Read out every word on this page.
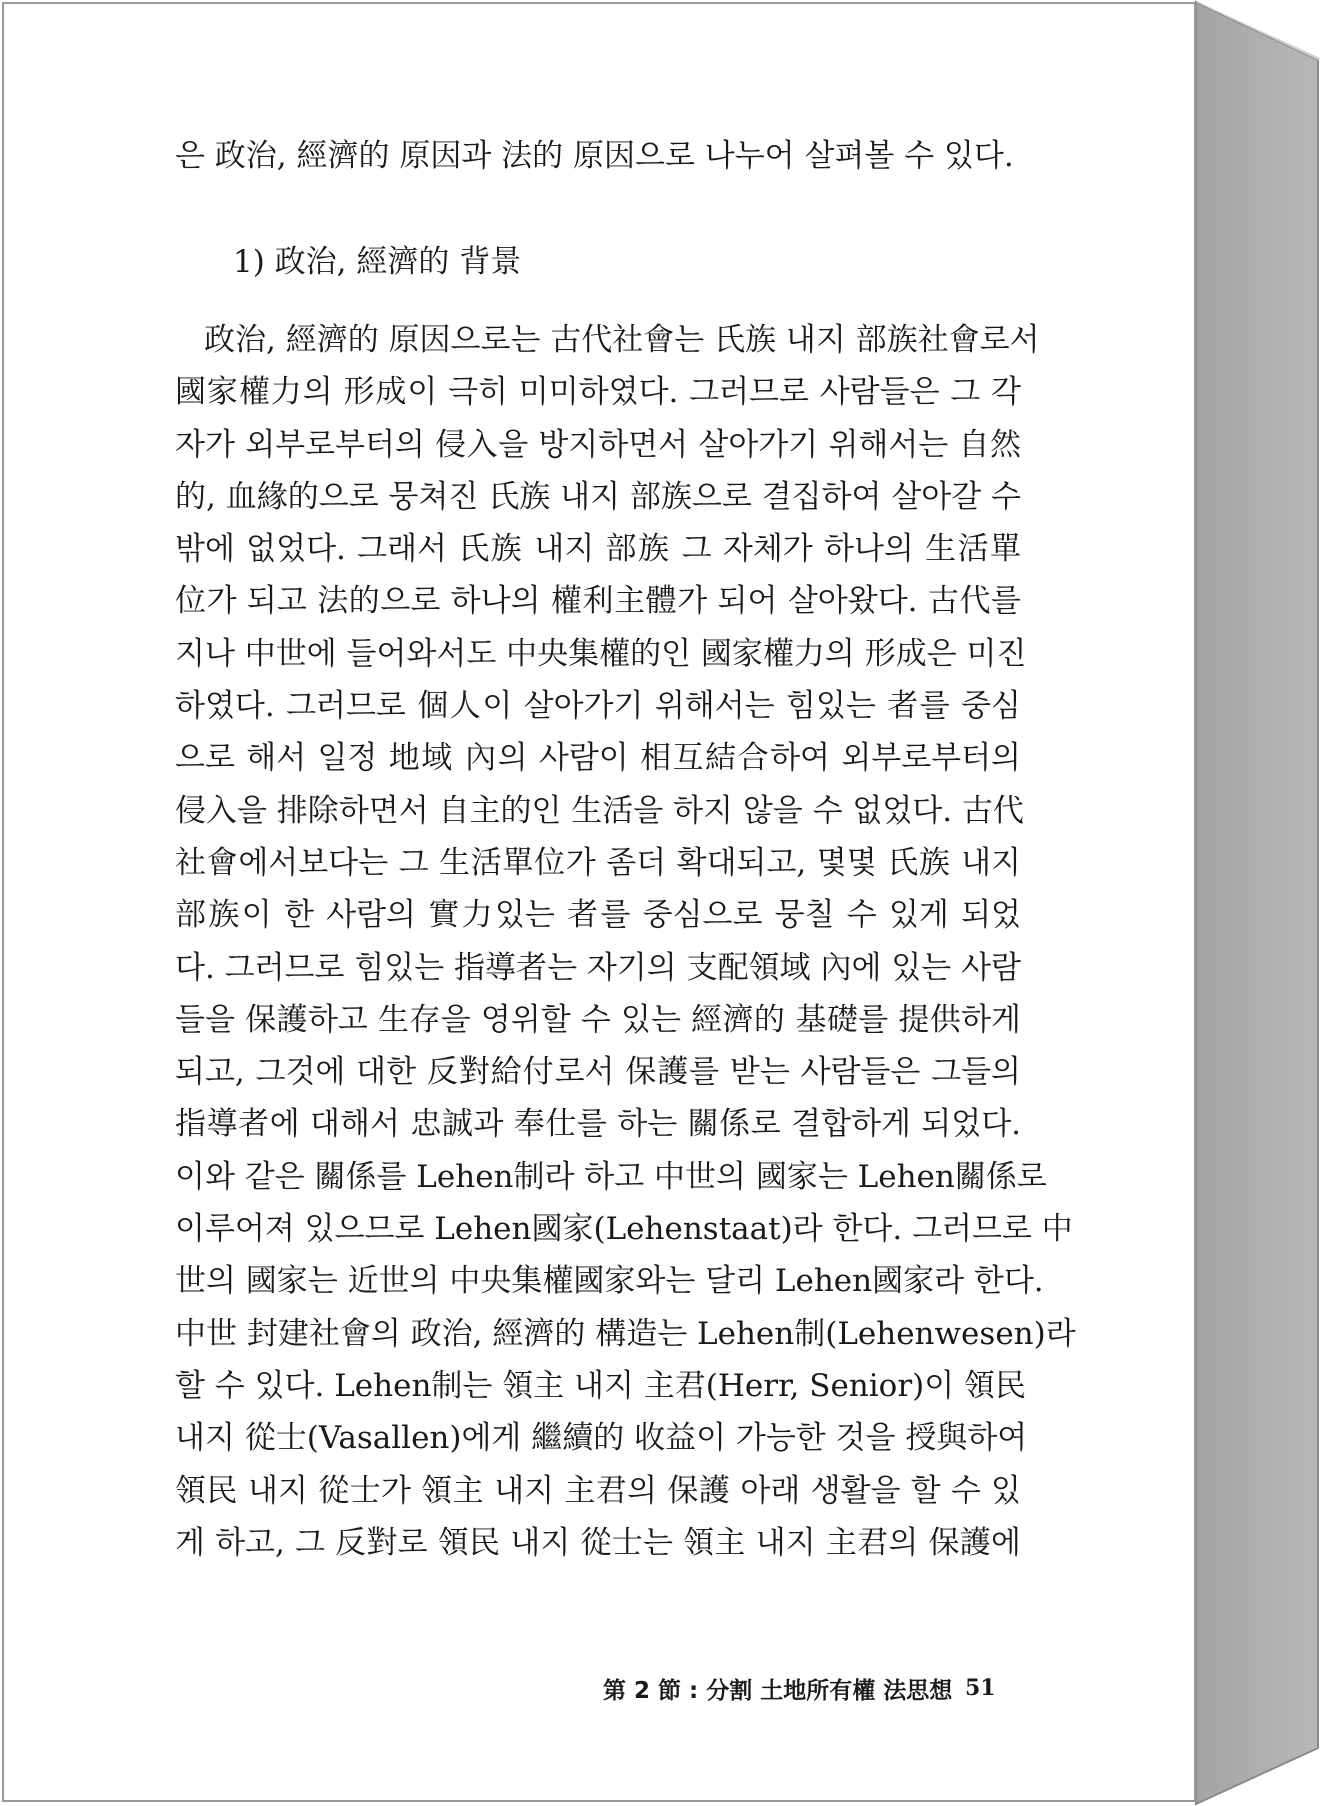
은 政治, 經濟的 原因과 法的 原因으로 나누어 살펴볼 수 있다.
1) 政治, 經濟的 背景
政治, 經濟的 原因으로는 古代社會는 氏族 내지 部族社會로서
國家權力의 形成이 극히 미미하였다. 그러므로 사람들은 그 각
자가 외부로부터의 侵入을 방지하면서 살아가기 위해서는 自然
的, 血緣的으로 뭉쳐진 氏族 내지 部族으로 결집하여 살아갈 수
밖에 없었다. 그래서 氏族 내지 部族 그 자체가 하나의 生活單
位가 되고 法的으로 하나의 權利主體가 되어 살아왔다. 古代를
지나 中世에 들어와서도 中央集權的인 國家權力의 形成은 미진
하였다. 그러므로 個人이 살아가기 위해서는 힘있는 者를 중심
으로 해서 일정 地域 內의 사람이 相互結合하여 외부로부터의
侵入을 排除하면서 自主的인 生活을 하지 않을 수 없었다. 古代
社會에서보다는 그 生活單位가 좀더 확대되고, 몇몇 氏族 내지
部族이 한 사람의 實力있는 者를 중심으로 뭉칠 수 있게 되었
다. 그러므로 힘있는 指導者는 자기의 支配領域 內에 있는 사람
들을 保護하고 生存을 영위할 수 있는 經濟的 基礎를 提供하게
되고, 그것에 대한 反對給付로서 保護를 받는 사람들은 그들의
指導者에 대해서 忠誠과 奉仕를 하는 關係로 결합하게 되었다.
이와 같은 關係를 Lehen制라 하고 中世의 國家는 Lehen關係로
이루어져 있으므로 Lehen國家(Lehenstaat)라 한다. 그러므로 中
世의 國家는 近世의 中央集權國家와는 달리 Lehen國家라 한다.
中世 封建社會의 政治, 經濟的 構造는 Lehen制(Lehenwesen)라
할 수 있다. Lehen制는 領主 내지 主君(Herr, Senior)이 領民
내지 從士(Vasallen)에게 繼續的 收益이 가능한 것을 授與하여
領民 내지 從士가 領主 내지 主君의 保護 아래 생활을 할 수 있
게 하고, 그 反對로 領民 내지 從士는 領主 내지 主君의 保護에
第 2 節 : 分割 土地所有權 法思想 51
